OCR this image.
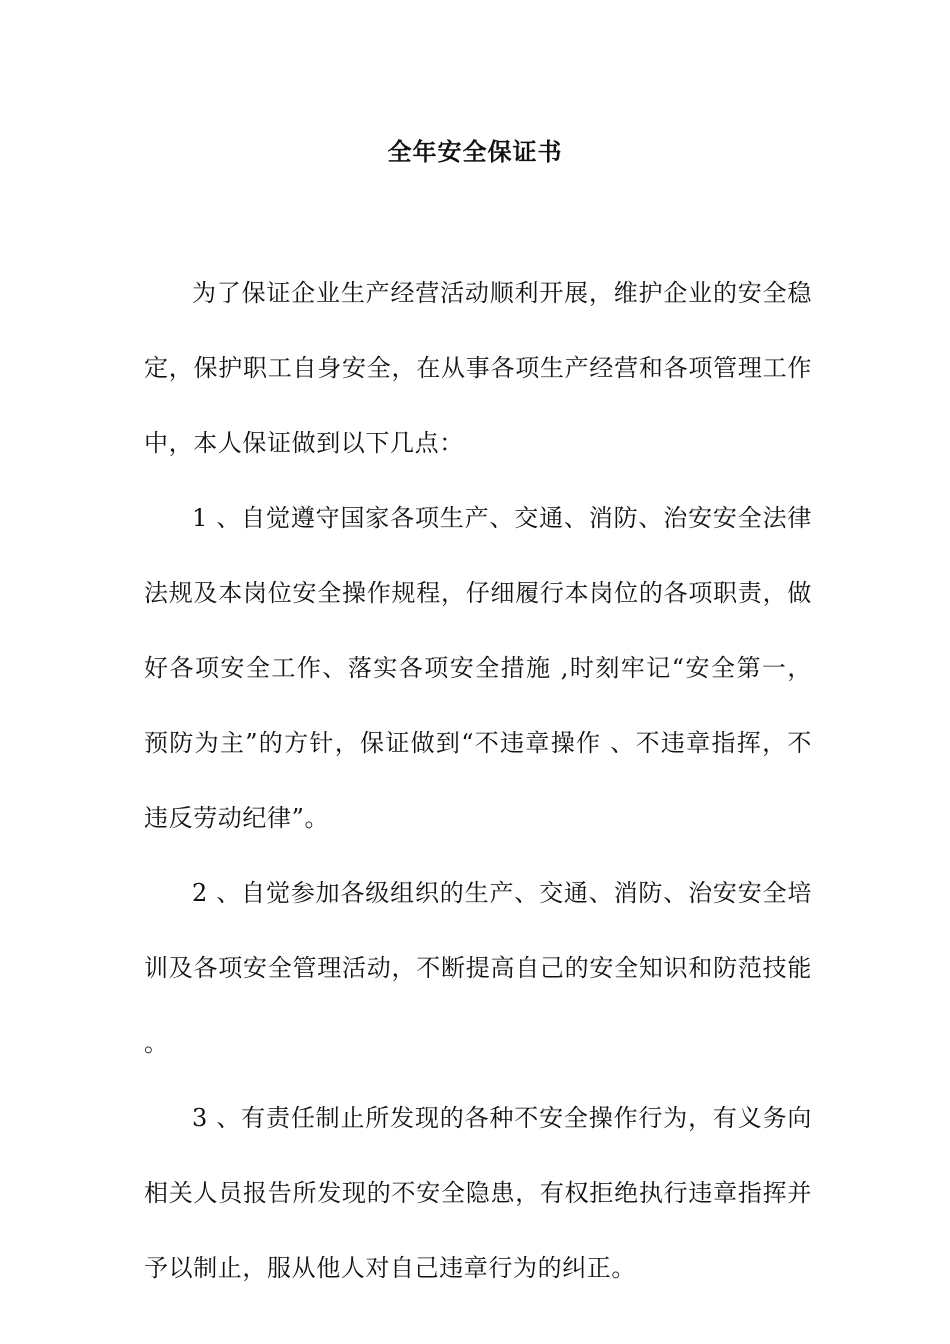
全年安全保证书

为了保证企业生产经营活动顺利开展，维护企业的安全稳定，保护职工自身安全，在从事各项生产经营和各项管理工作中，本人保证做到以下几点：

1 、自觉遵守国家各项生产、交通、消防、治安安全法律法规及本岗位安全操作规程，仔细履行本岗位的各项职责，做好各项安全工作、落实各项安全措施 ,时刻牢记“安全第一，预防为主”的方针，保证做到“不违章操作 、不违章指挥，不违反劳动纪律”。

2 、自觉参加各级组织的生产、交通、消防、治安安全培训及各项安全管理活动，不断提高自己的安全知识和防范技能 。

3 、有责任制止所发现的各种不安全操作行为，有义务向相关人员报告所发现的不安全隐患，有权拒绝执行违章指挥并予以制止，服从他人对自己违章行为的纠正。
